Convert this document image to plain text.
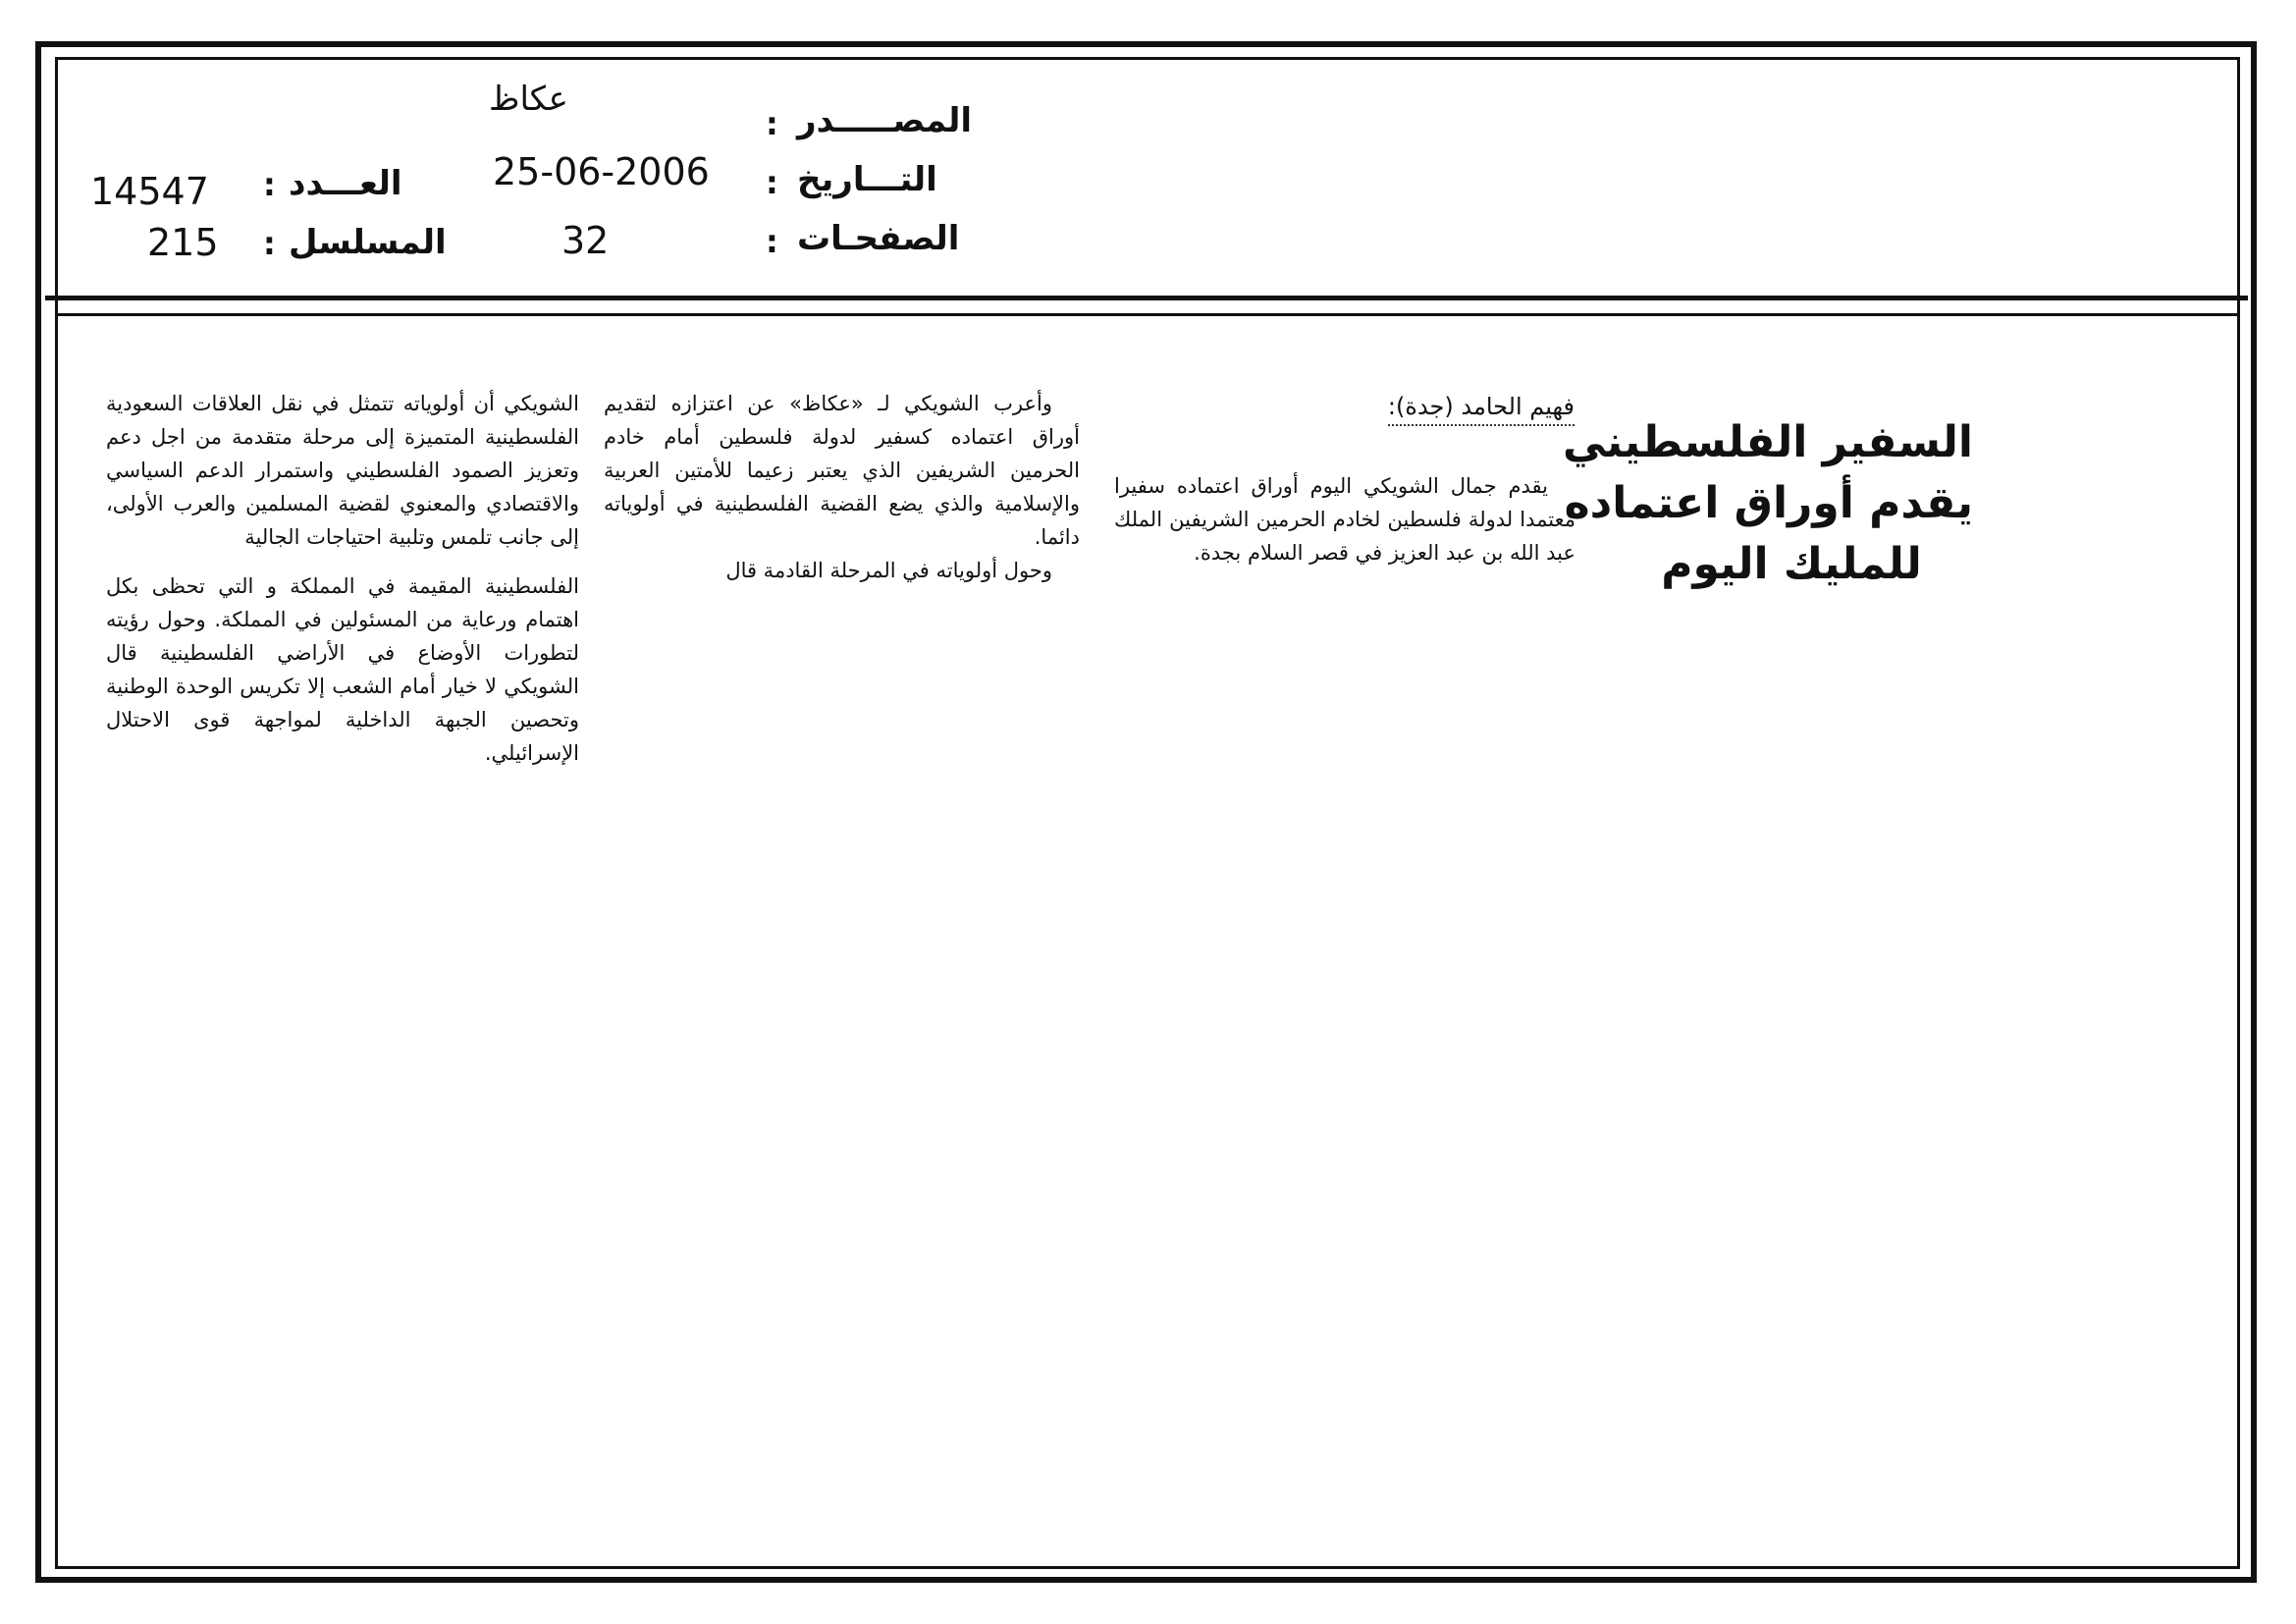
المصـــــدر
:
التـــاريخ
:
الصفحـات
:
عكاظ
25-06-2006
32
العـــدد
:
المسلسل
:
14547
215
السفير الفلسطيني
يقدم أوراق اعتماده
للمليك اليوم
فهيم الحامد (جدة):

يقدم جمال الشويكي اليوم أوراق اعتماده سفيرا معتمدا لدولة فلسطين لخادم الحرمين الشريفين الملك عبد الله بن عبد العزيز في قصر السلام بجدة.

وأعرب الشويكي لـ «عكاظ» عن اعتزازه لتقديم أوراق اعتماده كسفير لدولة فلسطين أمام خادم الحرمين الشريفين الذي يعتبر زعيما للأمتين العربية والإسلامية والذي يضع القضية الفلسطينية في أولوياته دائما.

وحول أولوياته في المرحلة القادمة قال

الشويكي أن أولوياته تتمثل في نقل العلاقات السعودية الفلسطينية المتميزة إلى مرحلة متقدمة من اجل دعم وتعزيز الصمود الفلسطيني واستمرار الدعم السياسي والاقتصادي والمعنوي لقضية المسلمين والعرب الأولى، إلى جانب تلمس وتلبية احتياجات الجالية

الفلسطينية المقيمة في المملكة و التي تحظى بكل اهتمام ورعاية من المسئولين في المملكة. وحول رؤيته لتطورات الأوضاع في الأراضي الفلسطينية قال الشويكي لا خيار أمام الشعب إلا تكريس الوحدة الوطنية وتحصين الجبهة الداخلية لمواجهة قوى الاحتلال الإسرائيلي.
